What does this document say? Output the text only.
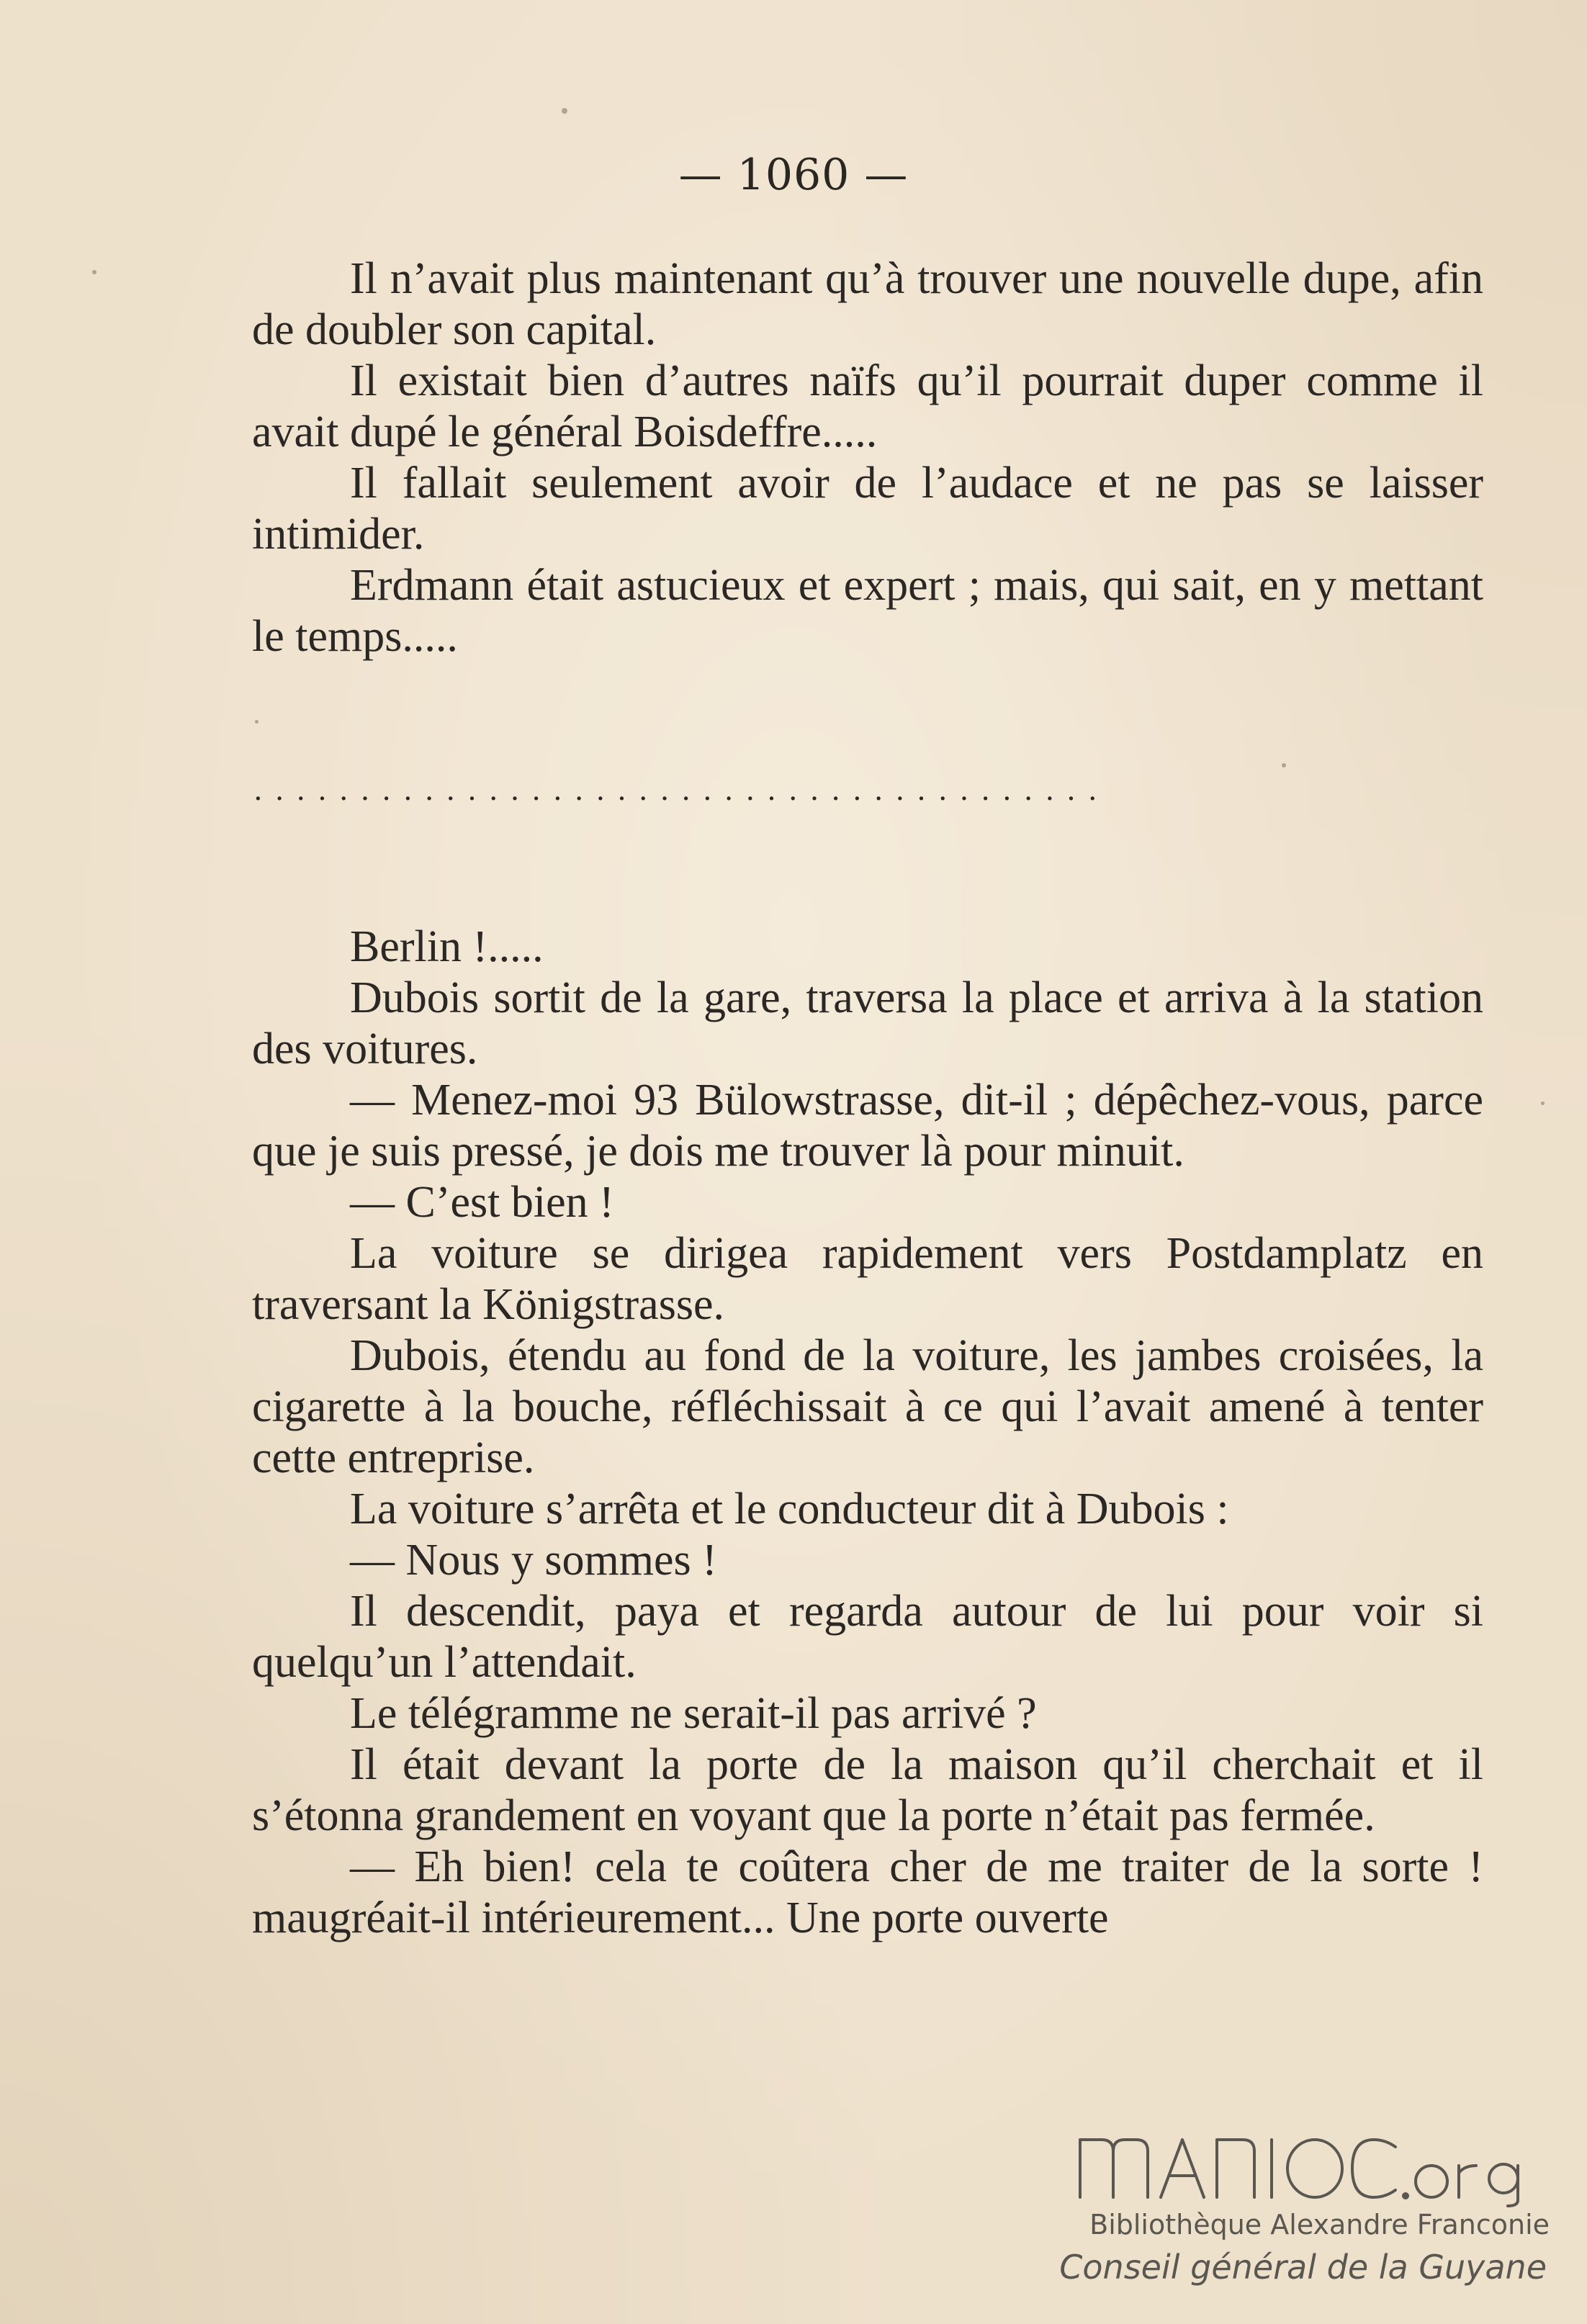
— 1060 —

Il n’avait plus maintenant qu’à trouver une nouvelle dupe, afin de doubler son capital.

Il existait bien d’autres naïfs qu’il pourrait duper comme il avait dupé le général Boisdeffre.....

Il fallait seulement avoir de l’audace et ne pas se laisser intimider.

Erdmann était astucieux et expert ; mais, qui sait, en y mettant le temps.....

........................................

Berlin !.....

Dubois sortit de la gare, traversa la place et arriva à la station des voitures.

— Menez-moi 93 Bülowstrasse, dit-il ; dépêchez-vous, parce que je suis pressé, je dois me trouver là pour minuit.

— C’est bien !

La voiture se dirigea rapidement vers Postdamplatz en traversant la Königstrasse.

Dubois, étendu au fond de la voiture, les jambes croisées, la cigarette à la bouche, réfléchissait à ce qui l’avait amené à tenter cette entreprise.

La voiture s’arrêta et le conducteur dit à Dubois :

— Nous y sommes !

Il descendit, paya et regarda autour de lui pour voir si quelqu’un l’attendait.

Le télégramme ne serait-il pas arrivé ?

Il était devant la porte de la maison qu’il cherchait et il s’étonna grandement en voyant que la porte n’était pas fermée.

— Eh bien! cela te coûtera cher de me traiter de la sorte ! maugréait-il intérieurement... Une porte ouverte

Bibliothèque Alexandre Franconie
Conseil général de la Guyane
